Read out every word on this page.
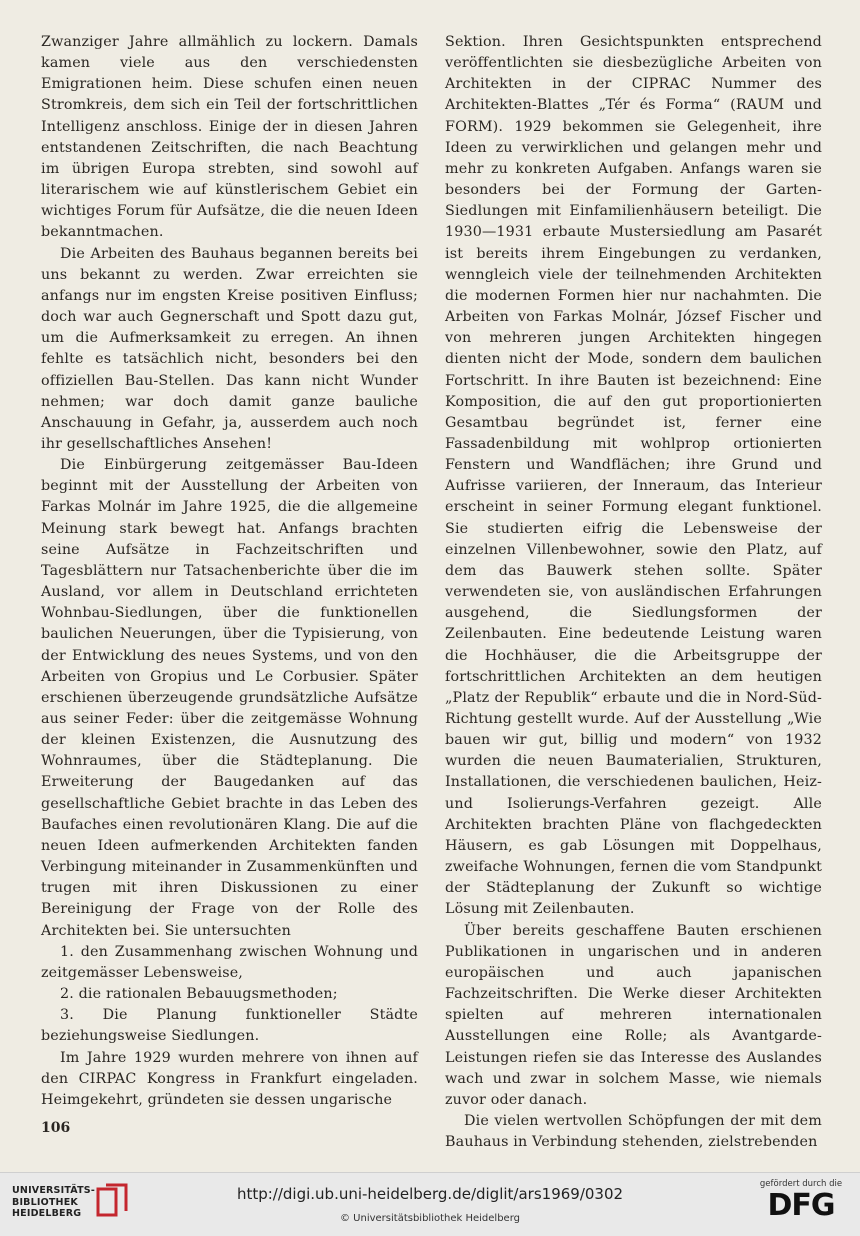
Zwanziger Jahre allmählich zu lockern. Damals kamen viele aus den verschiedensten Emigrationen heim. Diese schufen einen neuen Stromkreis, dem sich ein Teil der fortschrittlichen Intelligenz anschloss. Einige der in diesen Jahren entstandenen Zeitschriften, die nach Beachtung im übrigen Europa strebten, sind sowohl auf literarischem wie auf künstlerischem Gebiet ein wichtiges Forum für Aufsätze, die die neuen Ideen bekanntmachen.

Die Arbeiten des Bauhaus begannen bereits bei uns bekannt zu werden. Zwar erreichten sie anfangs nur im engsten Kreise positiven Einfluss; doch war auch Gegnerschaft und Spott dazu gut, um die Aufmerksamkeit zu erregen. An ihnen fehlte es tatsächlich nicht, besonders bei den offiziellen Bau-Stellen. Das kann nicht Wunder nehmen; war doch damit ganze bauliche Anschauung in Gefahr, ja, ausserdem auch noch ihr gesellschaftliches Ansehen!

Die Einbürgerung zeitgemässer Bau-Ideen beginnt mit der Ausstellung der Arbeiten von Farkas Molnár im Jahre 1925, die die allgemeine Meinung stark bewegt hat. Anfangs brachten seine Aufsätze in Fachzeitschriften und Tagesblättern nur Tatsachenberichte über die im Ausland, vor allem in Deutschland errichteten Wohnbau-Siedlungen, über die funktionellen baulichen Neuerungen, über die Typisierung, von der Entwicklung des neues Systems, und von den Arbeiten von Gropius und Le Corbusier. Später erschienen überzeugende grundsätzliche Aufsätze aus seiner Feder: über die zeitgemässe Wohnung der kleinen Existenzen, die Ausnutzung des Wohnraumes, über die Städteplanung. Die Erweiterung der Baugedanken auf das gesellschaftliche Gebiet brachte in das Leben des Baufaches einen revolutionären Klang. Die auf die neuen Ideen aufmerkenden Architekten fanden Verbingung miteinander in Zusammenkünften und trugen mit ihren Diskussionen zu einer Bereinigung der Frage von der Rolle des Architekten bei. Sie untersuchten

1. den Zusammenhang zwischen Wohnung und zeitgemässer Lebensweise,

2. die rationalen Bebauugsmethoden;

3. Die Planung funktioneller Städte beziehungsweise Siedlungen.

Im Jahre 1929 wurden mehrere von ihnen auf den CIRPAC Kongress in Frankfurt eingeladen. Heimgekehrt, gründeten sie dessen ungarische

Sektion. Ihren Gesichtspunkten entsprechend veröffentlichten sie diesbezügliche Arbeiten von Architekten in der CIPRAC Nummer des Architekten-Blattes „Tér és Forma“ (RAUM und FORM). 1929 bekommen sie Gelegenheit, ihre Ideen zu verwirklichen und gelangen mehr und mehr zu konkreten Aufgaben. Anfangs waren sie besonders bei der Formung der Garten-Siedlungen mit Einfamilienhäusern beteiligt. Die 1930—1931 erbaute Mustersiedlung am Pasarét ist bereits ihrem Eingebungen zu verdanken, wenngleich viele der teilnehmenden Architekten die modernen Formen hier nur nachahmten. Die Arbeiten von Farkas Molnár, József Fischer und von mehreren jungen Architekten hingegen dienten nicht der Mode, sondern dem baulichen Fortschritt. In ihre Bauten ist bezeichnend: Eine Komposition, die auf den gut proportionierten Gesamtbau begründet ist, ferner eine Fassadenbildung mit wohlprop ortionierten Fenstern und Wandflächen; ihre Grund und Aufrisse variieren, der Inneraum, das Interieur erscheint in seiner Formung elegant funktionel. Sie studierten eifrig die Lebensweise der einzelnen Villenbewohner, sowie den Platz, auf dem das Bauwerk stehen sollte. Später verwendeten sie, von ausländischen Erfahrungen ausgehend, die Siedlungsformen der Zeilenbauten. Eine bedeutende Leistung waren die Hochhäuser, die die Arbeitsgruppe der fortschrittlichen Architekten an dem heutigen „Platz der Republik“ erbaute und die in Nord-Süd-Richtung gestellt wurde. Auf der Ausstellung „Wie bauen wir gut, billig und modern“ von 1932 wurden die neuen Baumaterialien, Strukturen, Installationen, die verschiedenen baulichen, Heiz- und Isolierungs-Verfahren gezeigt. Alle Architekten brachten Pläne von flachgedeckten Häusern, es gab Lösungen mit Doppelhaus, zweifache Wohnungen, fernen die vom Standpunkt der Städteplanung der Zukunft so wichtige Lösung mit Zeilenbauten.

Über bereits geschaffene Bauten erschienen Publikationen in ungarischen und in anderen europäischen und auch japanischen Fachzeitschriften. Die Werke dieser Architekten spielten auf mehreren internationalen Ausstellungen eine Rolle; als Avantgarde-Leistungen riefen sie das Interesse des Auslandes wach und zwar in solchem Masse, wie niemals zuvor oder danach.

Die vielen wertvollen Schöpfungen der mit dem Bauhaus in Verbindung stehenden, zielstrebenden

106
UNIVERSITÄTS-
BIBLIOTHEK
HEIDELBERG
http://digi.ub.uni-heidelberg.de/diglit/ars1969/0302
© Universitätsbibliothek Heidelberg
gefördert durch die
DFG
